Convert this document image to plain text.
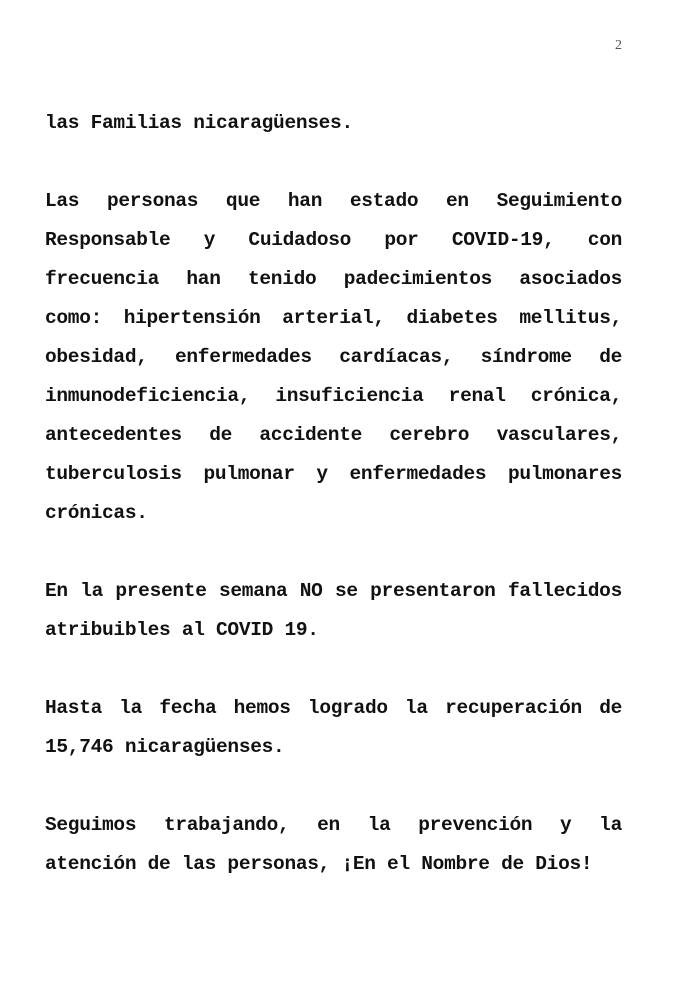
2

las Familias nicaragüenses.

Las personas que han estado en Seguimiento Responsable y Cuidadoso por COVID-19, con frecuencia han tenido padecimientos asociados como: hipertensión arterial, diabetes mellitus, obesidad, enfermedades cardíacas, síndrome de inmunodeficiencia, insuficiencia renal crónica, antecedentes de accidente cerebro vasculares, tuberculosis pulmonar y enfermedades pulmonares crónicas.

En la presente semana NO se presentaron fallecidos atribuibles al COVID 19.

Hasta la fecha hemos logrado la recuperación de 15,746 nicaragüenses.

Seguimos trabajando, en la prevención y la atención de las personas, ¡En el Nombre de Dios!
